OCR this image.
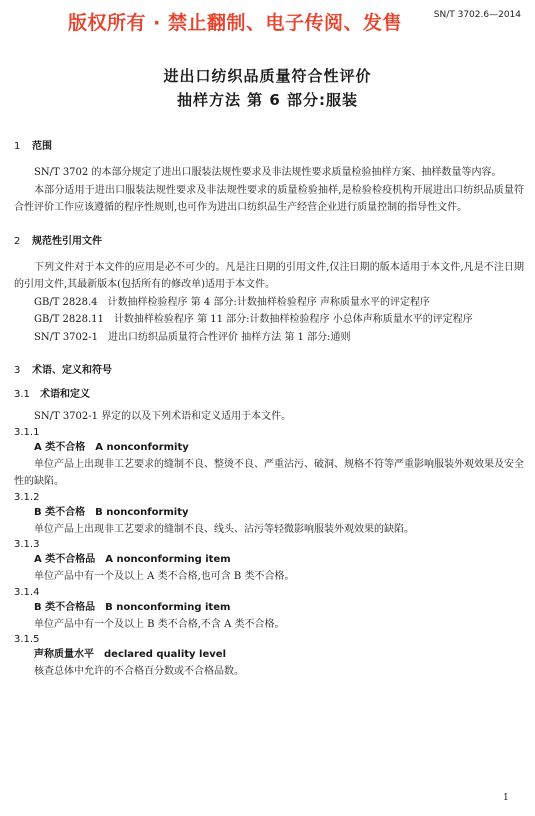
版权所有 · 禁止翻制、电子传阅、发售	SN/T 3702.6—2014
进出口纺织品质量符合性评价
抽样方法 第 6 部分:服装
1 范围

SN/T 3702 的本部分规定了进出口服装法规性要求及非法规性要求质量检验抽样方案、抽样数量等内容。

本部分适用于进出口服装法规性要求及非法规性要求的质量检验抽样,是检验检疫机构开展进出口纺织品质量符合性评价工作应该遵循的程序性规则,也可作为进出口纺织品生产经营企业进行质量控制的指导性文件。

2 规范性引用文件

下列文件对于本文件的应用是必不可少的。凡是注日期的引用文件,仅注日期的版本适用于本文件,凡是不注日期的引用文件,其最新版本(包括所有的修改单)适用于本文件。

GB/T 2828.4 计数抽样检验程序 第 4 部分:计数抽样检验程序 声称质量水平的评定程序
GB/T 2828.11 计数抽样检验程序 第 11 部分:计数抽样检验程序 小总体声称质量水平的评定程序
SN/T 3702-1 进出口纺织品质量符合性评价 抽样方法 第 1 部分:通则
3 术语、定义和符号
3.1 术语和定义

SN/T 3702-1 界定的以及下列术语和定义适用于本文件。

3.1.1
A 类不合格 A nonconformity

单位产品上出现非工艺要求的缝制不良、整烫不良、严重沾污、破洞、规格不符等严重影响服装外观效果及安全性的缺陷。

3.1.2
B 类不合格 B nonconformity

单位产品上出现非工艺要求的缝制不良、线头、沾污等轻微影响服装外观效果的缺陷。

3.1.3
A 类不合格品 A nonconforming item

单位产品中有一个及以上 A 类不合格,也可含 B 类不合格。

3.1.4
B 类不合格品 B nonconforming item

单位产品中有一个及以上 B 类不合格,不含 A 类不合格。

3.1.5
声称质量水平 declared quality level

核查总体中允许的不合格百分数或不合格品数。

1
